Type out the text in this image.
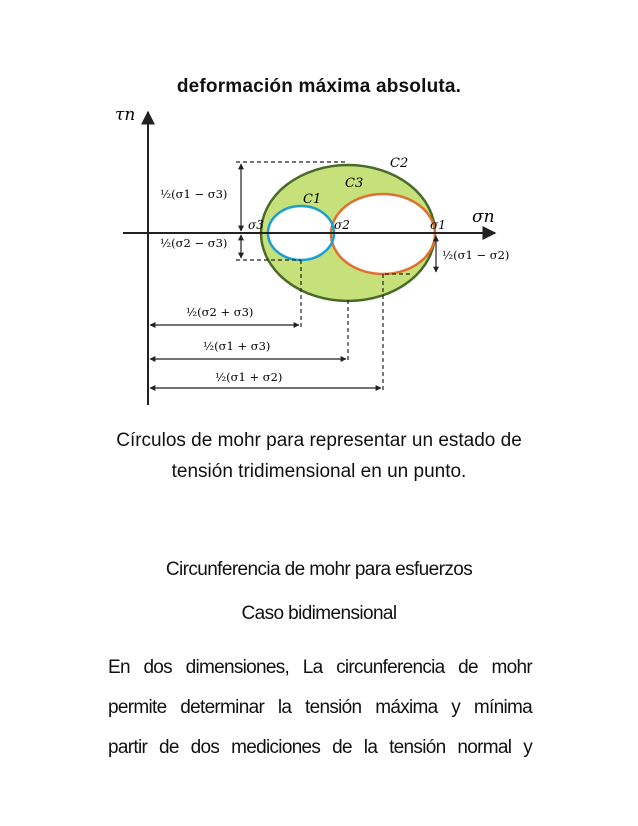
deformación máxima absoluta.
τn
σn
C1
C2
C3
σ3	σ2	σ1
½(σ1 − σ3)
½(σ2 − σ3)
½(σ1 − σ2)
½(σ2 + σ3)
½(σ1 + σ3)
½(σ1 + σ2)
Círculos de mohr para representar un estado de
tensión tridimensional en un punto.
Circunferencia de mohr para esfuerzos
Caso bidimensional
En dos dimensiones, La circunferencia de mohr
permite determinar la tensión máxima y mínima
partir de dos mediciones de la tensión normal y
